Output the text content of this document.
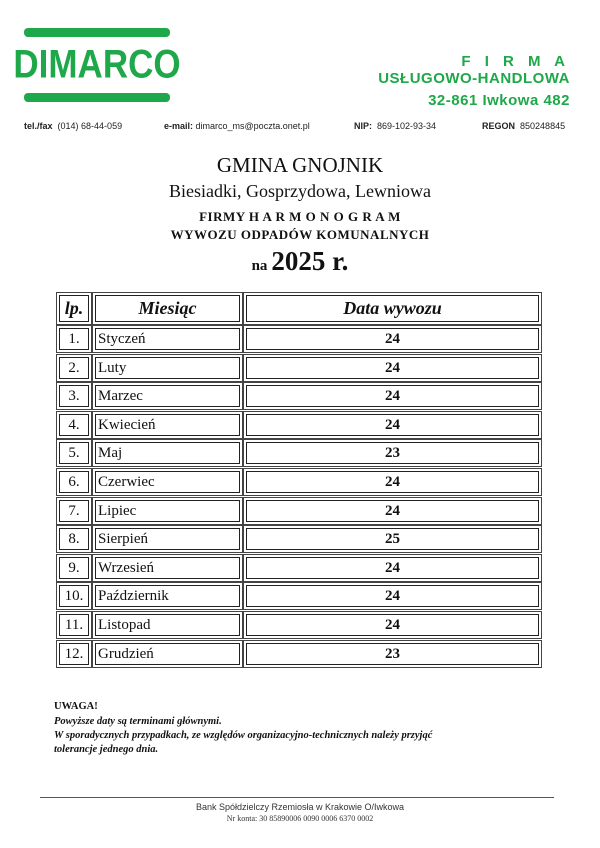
DIMARCO	F I R M A
USŁUGOWO-HANDLOWA
32-861 Iwkowa 482
tel./fax (014) 68-44-059	e-mail: dimarco_ms@poczta.onet.pl	NIP: 869-102-93-34	REGON 850248845
GMINA GNOJNIK
Biesiadki, Gosprzydowa, Lewniowa
FIRMY H A R M O N O G R A M
WYWOZU ODPADÓW KOMUNALNYCH
na 2025 r.
lp.	Miesiąc	Data wywozu
1.	Styczeń	24
2.	Luty	24
3.	Marzec	24
4.	Kwiecień	24
5.	Maj	23
6.	Czerwiec	24
7.	Lipiec	24
8.	Sierpień	25
9.	Wrzesień	24
10. Październik	24
11. Listopad	24
12. Grudzień	23
UWAGA!
Powyższe daty są terminami głównymi.
W sporadycznych przypadkach, ze względów organizacyjno-technicznych należy przyjąć
tolerancje jednego dnia.
Bank Spółdzielczy Rzemiosła w Krakowie O/Iwkowa
Nr konta: 30 85890006 0090 0006 6370 0002
